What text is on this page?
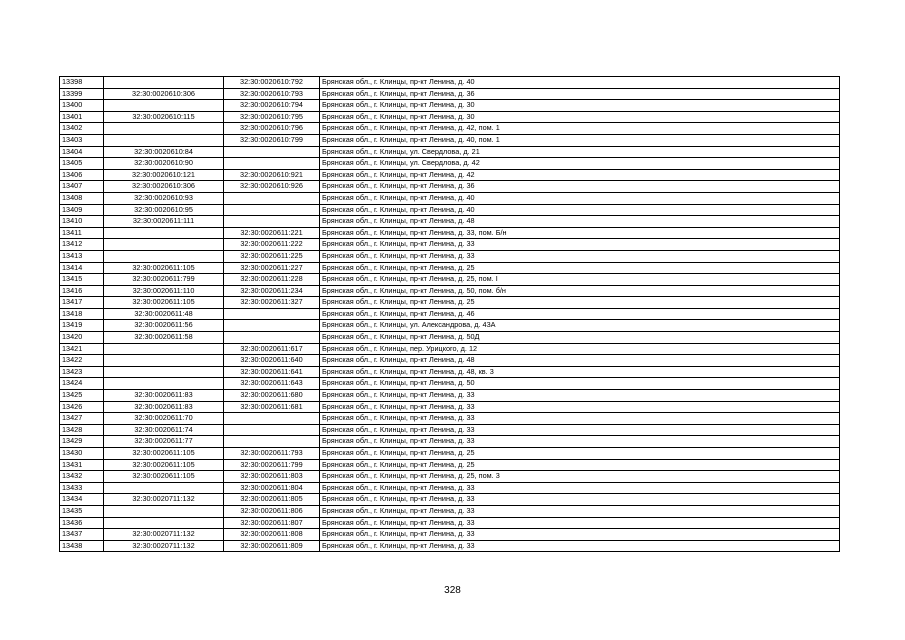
13398		32:30:0020610:792	Брянская обл., г. Клинцы, пр-кт Ленина, д. 40
13399	32:30:0020610:306	32:30:0020610:793	Брянская обл., г. Клинцы, пр-кт Ленина, д. 36
13400		32:30:0020610:794	Брянская обл., г. Клинцы, пр-кт Ленина, д. 30
13401	32:30:0020610:115	32:30:0020610:795	Брянская обл., г. Клинцы, пр-кт Ленина, д. 30
13402		32:30:0020610:796	Брянская обл., г. Клинцы, пр-кт Ленина, д. 42, пом. 1
13403		32:30:0020610:799	Брянская обл., г. Клинцы, пр-кт Ленина, д. 40, пом. 1
13404	32:30:0020610:84		Брянская обл., г. Клинцы, ул. Свердлова, д. 21
13405	32:30:0020610:90		Брянская обл., г. Клинцы, ул. Свердлова, д. 42
13406	32:30:0020610:121	32:30:0020610:921	Брянская обл., г. Клинцы, пр-кт Ленина, д. 42
13407	32:30:0020610:306	32:30:0020610:926	Брянская обл., г. Клинцы, пр-кт Ленина, д. 36
13408	32:30:0020610:93		Брянская обл., г. Клинцы, пр-кт Ленина, д. 40
13409	32:30:0020610:95		Брянская обл., г. Клинцы, пр-кт Ленина, д. 40
13410	32:30:0020611:111		Брянская обл., г. Клинцы, пр-кт Ленина, д. 48
13411		32:30:0020611:221	Брянская обл., г. Клинцы, пр-кт Ленина, д. 33, пом. Б/н
13412		32:30:0020611:222	Брянская обл., г. Клинцы, пр-кт Ленина, д. 33
13413		32:30:0020611:225	Брянская обл., г. Клинцы, пр-кт Ленина, д. 33
13414	32:30:0020611:105	32:30:0020611:227	Брянская обл., г. Клинцы, пр-кт Ленина, д. 25
13415	32:30:0020611:799	32:30:0020611:228	Брянская обл., г. Клинцы, пр-кт Ленина, д. 25, пом. I
13416	32:30:0020611:110	32:30:0020611:234	Брянская обл., г. Клинцы, пр-кт Ленина, д. 50, пом. б/н
13417	32:30:0020611:105	32:30:0020611:327	Брянская обл., г. Клинцы, пр-кт Ленина, д. 25
13418	32:30:0020611:48		Брянская обл., г. Клинцы, пр-кт Ленина, д. 46
13419	32:30:0020611:56		Брянская обл., г. Клинцы, ул. Александрова, д. 43А
13420	32:30:0020611:58		Брянская обл., г. Клинцы, пр-кт Ленина, д. 50Д
13421		32:30:0020611:617	Брянская обл., г. Клинцы, пер. Урицкого, д. 12
13422		32:30:0020611:640	Брянская обл., г. Клинцы, пр-кт Ленина, д. 48
13423		32:30:0020611:641	Брянская обл., г. Клинцы, пр-кт Ленина, д. 48, кв. 3
13424		32:30:0020611:643	Брянская обл., г. Клинцы, пр-кт Ленина, д. 50
13425	32:30:0020611:83	32:30:0020611:680	Брянская обл., г. Клинцы, пр-кт Ленина, д. 33
13426	32:30:0020611:83	32:30:0020611:681	Брянская обл., г. Клинцы, пр-кт Ленина, д. 33
13427	32:30:0020611:70		Брянская обл., г. Клинцы, пр-кт Ленина, д. 33
13428	32:30:0020611:74		Брянская обл., г. Клинцы, пр-кт Ленина, д. 33
13429	32:30:0020611:77		Брянская обл., г. Клинцы, пр-кт Ленина, д. 33
13430	32:30:0020611:105	32:30:0020611:793	Брянская обл., г. Клинцы, пр-кт Ленина, д. 25
13431	32:30:0020611:105	32:30:0020611:799	Брянская обл., г. Клинцы, пр-кт Ленина, д. 25
13432	32:30:0020611:105	32:30:0020611:803	Брянская обл., г. Клинцы, пр-кт Ленина, д. 25, пом. 3
13433		32:30:0020611:804	Брянская обл., г. Клинцы, пр-кт Ленина, д. 33
13434	32:30:0020711:132	32:30:0020611:805	Брянская обл., г. Клинцы, пр-кт Ленина, д. 33
13435		32:30:0020611:806	Брянская обл., г. Клинцы, пр-кт Ленина, д. 33
13436		32:30:0020611:807	Брянская обл., г. Клинцы, пр-кт Ленина, д. 33
13437	32:30:0020711:132	32:30:0020611:808	Брянская обл., г. Клинцы, пр-кт Ленина, д. 33
13438	32:30:0020711:132	32:30:0020611:809	Брянская обл., г. Клинцы, пр-кт Ленина, д. 33
328
